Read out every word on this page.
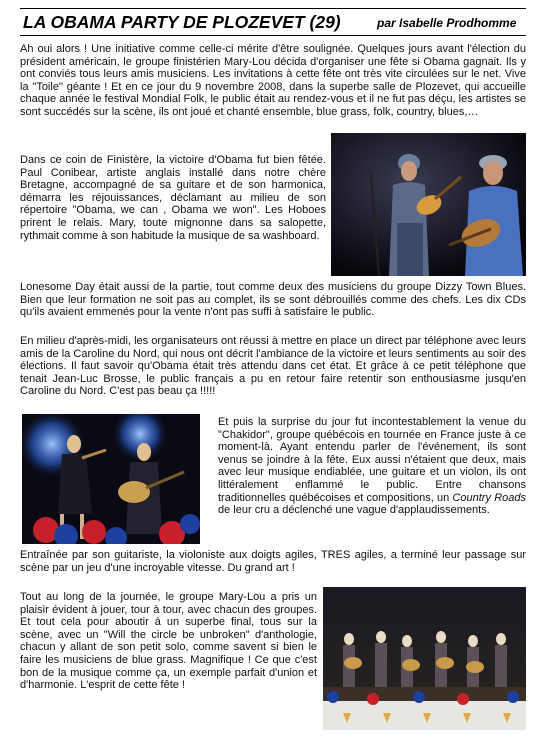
LA OBAMA PARTY DE PLOZEVET (29)	par Isabelle Prodhomme

Ah oui alors ! Une initiative comme celle-ci mérite d'être soulignée. Quelques jours avant l'élection du président américain, le groupe finistérien Mary-Lou décida d'organiser une fête si Obama gagnait. Ils y ont conviés tous leurs amis musiciens. Les invitations à cette fête ont très vite circulées sur le net. Vive la "Toile" géante ! Et en ce jour du 9 novembre 2008, dans la superbe salle de Plozevet, qui accueille chaque année le festival Mondial Folk, le public était au rendez-vous et il ne fut pas déçu, les artistes se sont succédés sur la scène, ils ont joué et chanté ensemble, blue grass, folk, country, blues,…

Dans ce coin de Finistère, la victoire d'Obama fut bien fêtée. Paul Conibear, artiste anglais installé dans notre chère Bretagne, accompagné de sa guitare et de son harmonica, démarra les réjouissances, déclamant au milieu de son répertoire "Obama, we can , Obama we won". Les Hoboes prirent le relais. Mary, toute mignonne dans sa salopette, rythmait comme à son habitude la musique de sa washboard.

Lonesome Day était aussi de la partie, tout comme deux des musiciens du groupe Dizzy Town Blues. Bien que leur formation ne soit pas au complet, ils se sont débrouillés comme des chefs. Les dix CDs qu'ils avaient emmenés pour la vente n'ont pas suffi à satisfaire le public.

En milieu d'après-midi, les organisateurs ont réussi à mettre en place un direct par téléphone avec leurs amis de la Caroline du Nord, qui nous ont décrit l'ambiance de la victoire et leurs sentiments au soir des élections. Il faut savoir qu'Obama était très attendu dans cet état. Et grâce à ce petit téléphone que tenait Jean-Luc Brosse, le public français a pu en retour faire retentir son enthousiasme jusqu'en Caroline du Nord. C'est pas beau ça !!!!!

Et puis la surprise du jour fut incontestablement la venue du "Chakidor", groupe québécois en tournée en France juste à ce moment-là. Ayant entendu parler de l'événement, ils sont venus se joindre à la fête. Eux aussi n'étaient que deux, mais avec leur musique endiablée, une guitare et un violon, ils ont littéralement enflammé le public. Entre chansons traditionnelles québécoises et compositions, un Country Roads de leur cru a déclenché une vague d'applaudissements.

Entraînée par son guitariste, la violoniste aux doigts agiles, TRES agiles, a terminé leur passage sur scène par un jeu d'une incroyable vitesse. Du grand art !

Tout au long de la journée, le groupe Mary-Lou a pris un plaisir évident à jouer, tour à tour, avec chacun des groupes. Et tout cela pour aboutir à un superbe final, tous sur la scène, avec un "Will the circle be unbroken" d'anthologie, chacun y allant de son petit solo, comme savent si bien le faire les musiciens de blue grass. Magnifique ! Ce que c'est bon de la musique comme ça, un exemple parfait d'union et d'harmonie. L'esprit de cette fête !
